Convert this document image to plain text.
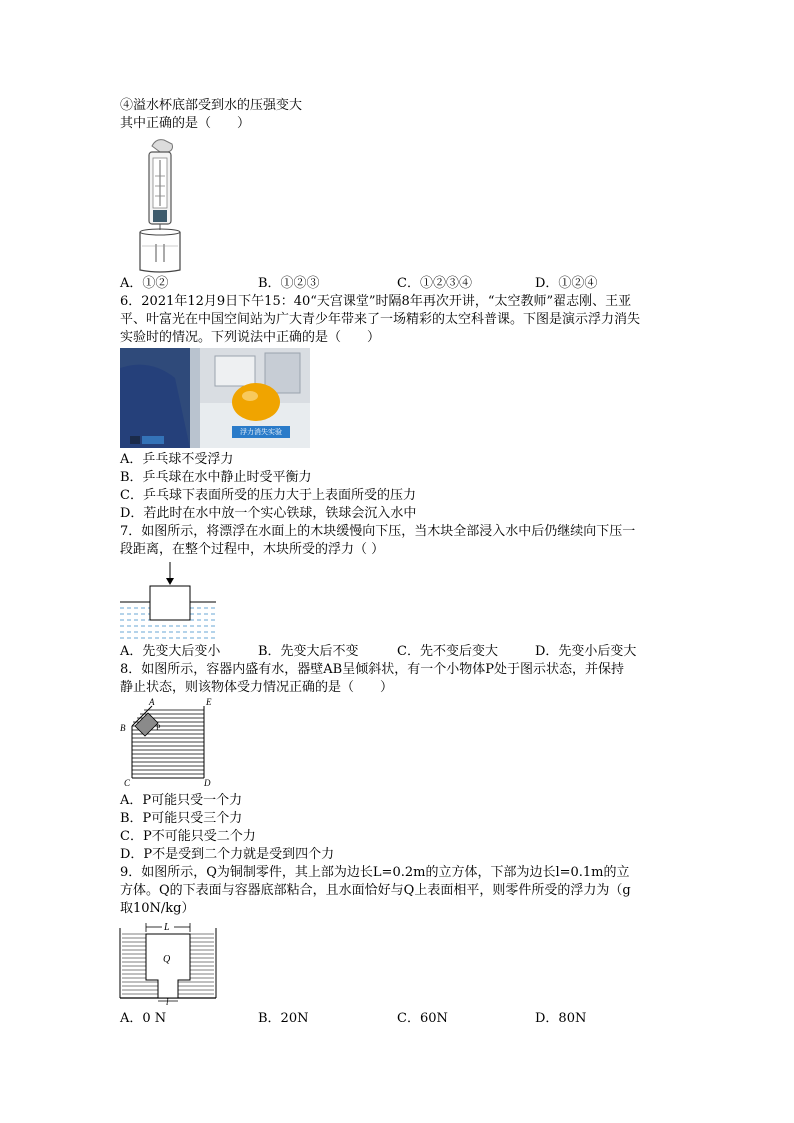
④溢水杯底部受到水的压强变大
其中正确的是（　　）
A．①②	B．①②③	C．①②③④	D．①②④
6．2021年12月9日下午15：40“天宫课堂”时隔8年再次开讲，“太空教师”翟志刚、王亚
平、叶富光在中国空间站为广大青少年带来了一场精彩的太空科普课。下图是演示浮力消失
实验时的情况。下列说法中正确的是（　　）
浮力消失实验
A．乒乓球不受浮力
B．乒乓球在水中静止时受平衡力
C．乒乓球下表面所受的压力大于上表面所受的压力
D．若此时在水中放一个实心铁球，铁球会沉入水中
7．如图所示，将漂浮在水面上的木块缓慢向下压，当木块全部浸入水中后仍继续向下压一
段距离，在整个过程中，木块所受的浮力（ ）
A．先变大后变小	B．先变大后不变	C．先不变后变大	D．先变小后变大
8．如图所示，容器内盛有水，器壁AB呈倾斜状，有一个小物体P处于图示状态，并保持
静止状态，则该物体受力情况正确的是（　　）
A	E
B	P
C	D
A．P可能只受一个力
B．P可能只受三个力
C．P不可能只受二个力
D．P不是受到二个力就是受到四个力
9．如图所示，Q为铜制零件，其上部为边长L=0.2m的立方体，下部为边长l=0.1m的立
方体。Q的下表面与容器底部粘合，且水面恰好与Q上表面相平，则零件所受的浮力为（g
取10N/kg）
L
Q
l
A．0 N	B．20N	C．60N	D．80N
